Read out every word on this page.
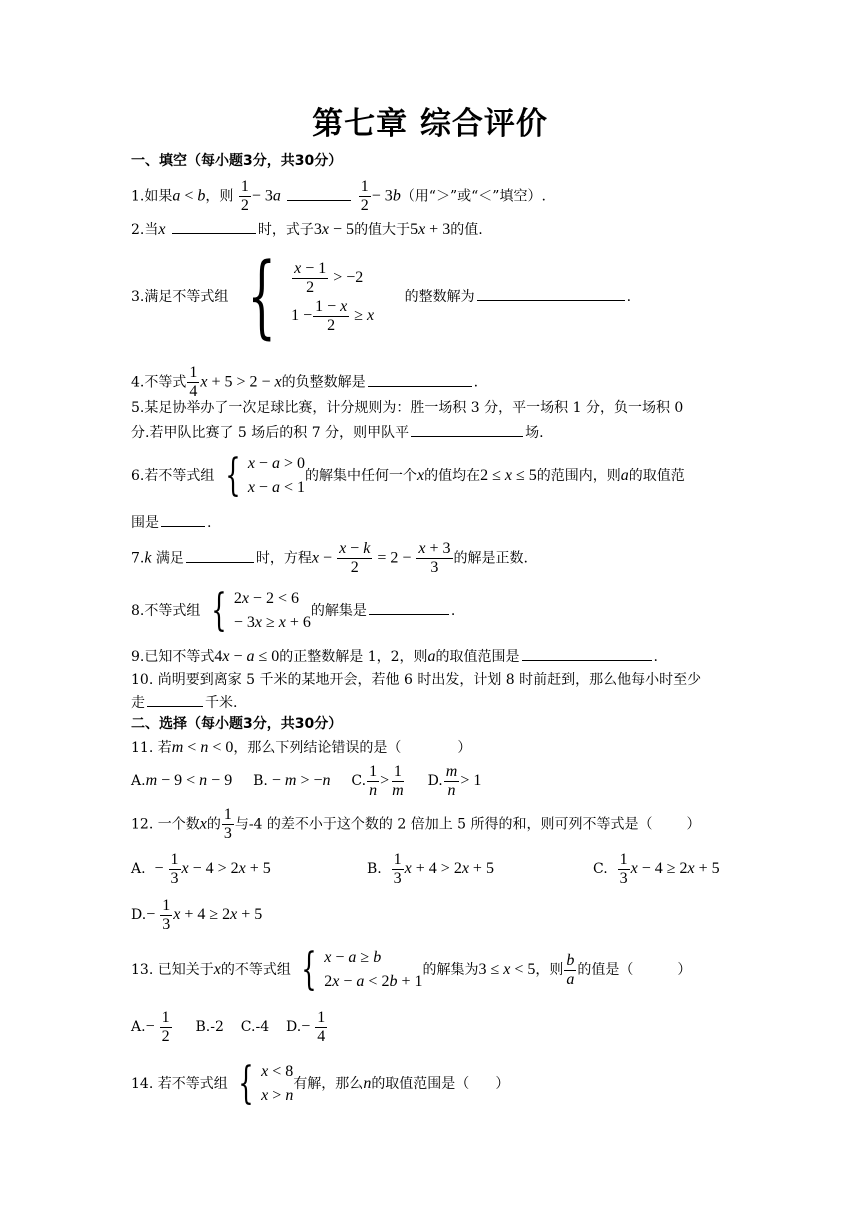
第七章 综合评价
一、填空（每小题3分，共30分）
1.如果a < b，则 $\frac{1}{2} - 3a$	$\frac{1}{2} - 3b$（用“＞”或“＜”填空）.
2.当x	时，式子3x − 5的值大于5x + 3的值.
3.满足不等式组 { x − 1
2
> −2
1 −
1 − x
2
≥ x
的整数解为	.
4.不等式 $\frac{1}{4}$ x + 5 > 2 − x的负整数解是	.
5.某足协举办了一次足球比赛，计分规则为：胜一场积 3 分，平一场积 1 分，负一场积 0
分.若甲队比赛了 5 场后的积 7 分，则甲队平	场.
6.若不等式组 { x − a > 0
x − a < 1
的解集中任何一个x的值均在2 ≤ x ≤ 5的范围内，则a的取值范
围是	.
7.k 满足	时，方程$x - \frac{x - k}{2} = 2 - \frac{x + 3}{3}$ 的解是正数.
8.不等式组 { 2 x − 2 < 6
− 3 x ≥ x + 6
的解集是	.
9.已知不等式4x − a ≤ 0的正整数解是 1，2，则a的取值范围是	.
10. 尚明要到离家 5 千米的某地开会，若他 6 时出发，计划 8 时前赶到，那么他每小时至少
走	千米.
二、选择（每小题3分，共30分）
11. 若m < n < 0，那么下列结论错误的是（	）
A.m − 9 < n − 9 B. − m > −n C. $\frac{1}{n} > \frac{1}{m} D$. $\frac{m}{n} > 1$
12. 一个数x的 $\frac{1}{3}$ 与-4 的差不小于这个数的 2 倍加上 5 所得的和，则可列不等式是（ ）
A. − $\frac{1}{3}$ x − 4 > 2x + 5	B. $\frac{1}{3}$ x + 4 > 2x + 5	C. $\frac{1}{3}$ x − 4 ≥ 2x + 5
$D.- \frac{1}{3}$ x + 4 ≥ 2x + 5
13. 已知关于x的不等式组 { x − a ≥ b
2 x − a < 2 b + 1
的解集为3 ≤ x < 5，则 $\frac{b}{a}$ 的值是（	）
$A.- \frac{1}{2} B.-2$ C.-4 $D.- \frac{1}{4}$
14. 若不等式组 { x < 8
x > n
有解，那么n的取值范围是（ ）
